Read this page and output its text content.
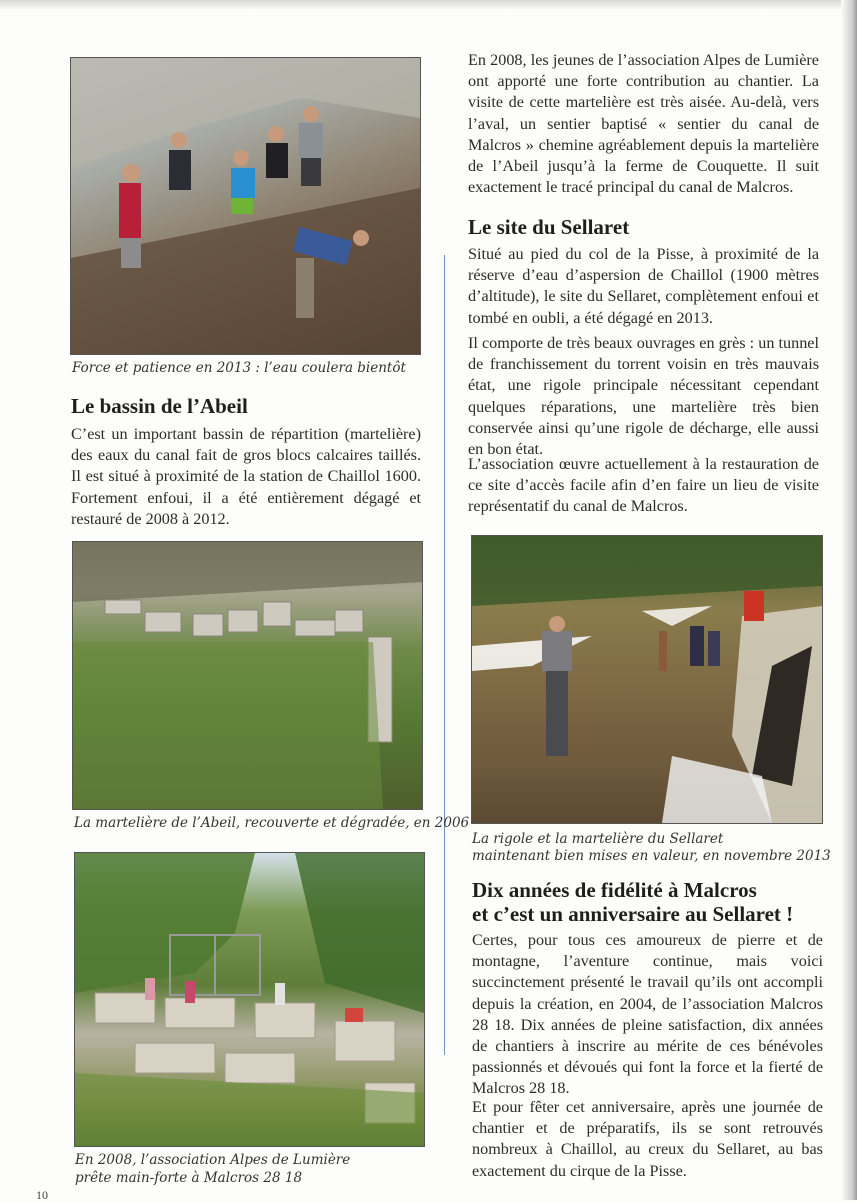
Force et patience en 2013 : l’eau coulera bientôt
Le bassin de l’Abeil

C’est un important bassin de répartition (martelière) des eaux du canal fait de gros blocs calcaires taillés. Il est situé à proximité de la station de Chaillol 1600. Fortement enfoui, il a été entièrement dégagé et restauré de 2008 à 2012.

La martelière de l’Abeil, recouverte et dégradée, en 2006
En 2008, l’association Alpes de Lumière
prête main-forte à Malcros 28 18

En 2008, les jeunes de l’association Alpes de Lumière ont apporté une forte contribution au chantier. La visite de cette martelière est très aisée. Au-delà, vers l’aval, un sentier baptisé « sentier du canal de Malcros » chemine agréablement depuis la martelière de l’Abeil jusqu’à la ferme de Couquette. Il suit exactement le tracé principal du canal de Malcros.

Le site du Sellaret

Situé au pied du col de la Pisse, à proximité de la réserve d’eau d’aspersion de Chaillol (1900 mètres d’altitude), le site du Sellaret, complètement enfoui et tombé en oubli, a été dégagé en 2013.

Il comporte de très beaux ouvrages en grès : un tunnel de franchissement du torrent voisin en très mauvais état, une rigole principale nécessitant cependant quelques réparations, une martelière très bien conservée ainsi qu’une rigole de décharge, elle aussi en bon état.

L’association œuvre actuellement à la restauration de ce site d’accès facile afin d’en faire un lieu de visite représentatif du canal de Malcros.

La rigole et la martelière du Sellaret
maintenant bien mises en valeur, en novembre 2013
Dix années de fidélité à Malcros
et c’est un anniversaire au Sellaret !

Certes, pour tous ces amoureux de pierre et de montagne, l’aventure continue, mais voici succinctement présenté le travail qu’ils ont accompli depuis la création, en 2004, de l’association Malcros 28 18. Dix années de pleine satisfaction, dix années de chantiers à inscrire au mérite de ces bénévoles passionnés et dévoués qui font la force et la fierté de Malcros 28 18.

Et pour fêter cet anniversaire, après une journée de chantier et de préparatifs, ils se sont retrouvés nombreux à Chaillol, au creux du Sellaret, au bas exactement du cirque de la Pisse.

10
